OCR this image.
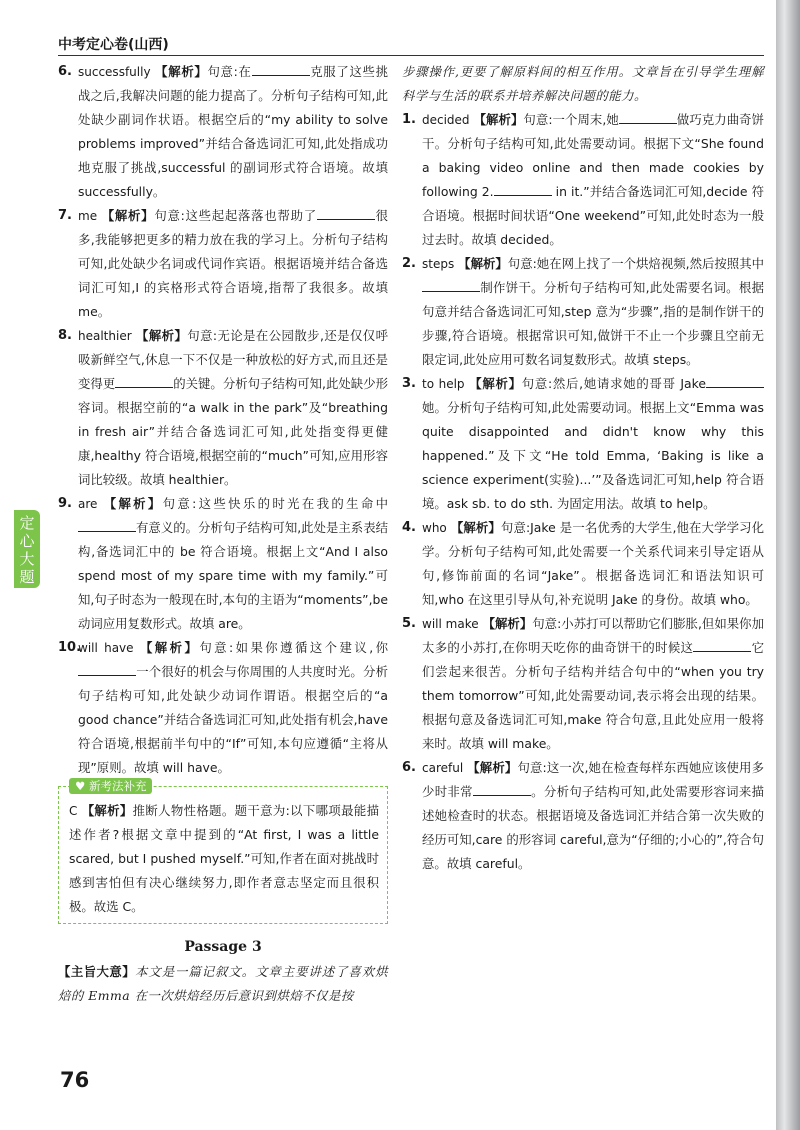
定心大题
中考定心卷(山西)
6. successfully 【解析】句意:在	克服了这些挑战之后,我解决问题的能力提高了。分析句子结构可知,此处缺少副词作状语。根据空后的“my ability to solve problems improved”并结合备选词汇可知,此处指成功地克服了挑战,successful 的副词形式符合语境。故填 successfully。
7. me 【解析】句意:这些起起落落也帮助了	很多,我能够把更多的精力放在我的学习上。分析句子结构可知,此处缺少名词或代词作宾语。根据语境并结合备选词汇可知,I 的宾格形式符合语境,指帮了我很多。故填 me。
8. healthier 【解析】句意:无论是在公园散步,还是仅仅呼吸新鲜空气,休息一下不仅是一种放松的好方式,而且还是变得更	的关键。分析句子结构可知,此处缺少形容词。根据空前的“a walk in the park”及“breathing in fresh air”并结合备选词汇可知,此处指变得更健康,healthy 符合语境,根据空前的“much”可知,应用形容词比较级。故填 healthier。
9. are 【解析】句意:这些快乐的时光在我的生命中有意义的。分析句子结构可知,此处是主系表结构,备选词汇中的 be 符合语境。根据上文“And I also spend most of my spare time with my family.”可知,句子时态为一般现在时,本句的主语为“moments”,be 动词应用复数形式。故填 are。
10.
will have 【解析】句意:如果你遵循这个建议,你一个很好的机会与你周围的人共度时光。分析句子结构可知,此处缺少动词作谓语。根据空后的“a good chance”并结合备选词汇可知,此处指有机会,have 符合语境,根据前半句中的“If”可知,本句应遵循“主将从现”原则。故填 will have。
♥ 新考法补充
C 【解析】推断人物性格题。题干意为:以下哪项最能描述作者?根据文章中提到的“At first, I was a little scared, but I pushed myself.”可知,作者在面对挑战时感到害怕但有决心继续努力,即作者意志坚定而且很积极。故选 C。
Passage 3
【主旨大意】本文是一篇记叙文。文章主要讲述了喜欢烘焙的 Emma 在一次烘焙经历后意识到烘焙不仅是按
步骤操作,更要了解原料间的相互作用。文章旨在引导学生理解科学与生活的联系并培养解决问题的能力。
1. decided 【解析】句意:一个周末,她	做巧克力曲奇饼干。分析句子结构可知,此处需要动词。根据下文“She found a baking video online and then made cookies by following 2.	in it.”并结合备选词汇可知,decide 符合语境。根据时间状语“One weekend”可知,此处时态为一般过去时。故填 decided。
2. steps 【解析】句意:她在网上找了一个烘焙视频,然后按照其中制作饼干。分析句子结构可知,此处需要名词。根据句意并结合备选词汇可知,step 意为“步骤”,指的是制作饼干的步骤,符合语境。根据常识可知,做饼干不止一个步骤且空前无限定词,此处应用可数名词复数形式。故填 steps。
3. to help 【解析】句意:然后,她请求她的哥哥 Jake她。分析句子结构可知,此处需要动词。根据上文“Emma was quite disappointed and didn't know why this happened.”及下文“He told Emma, ‘Baking is like a science experiment(实验)...’”及备选词汇可知,help 符合语境。ask sb. to do sth. 为固定用法。故填 to help。
4. who 【解析】句意:Jake 是一名优秀的大学生,他在大学学习化学。分析句子结构可知,此处需要一个关系代词来引导定语从句,修饰前面的名词“Jake”。根据备选词汇和语法知识可知,who 在这里引导从句,补充说明 Jake 的身份。故填 who。
5. will make 【解析】句意:小苏打可以帮助它们膨胀,但如果你加太多的小苏打,在你明天吃你的曲奇饼干的时候这	它们尝起来很苦。分析句子结构并结合句中的“when you try them tomorrow”可知,此处需要动词,表示将会出现的结果。根据句意及备选词汇可知,make 符合句意,且此处应用一般将来时。故填 will make。
6. careful 【解析】句意:这一次,她在检查每样东西她应该使用多少时非常	。分析句子结构可知,此处需要形容词来描述她检查时的状态。根据语境及备选词汇并结合第一次失败的经历可知,care 的形容词 careful,意为“仔细的;小心的”,符合句意。故填 careful。
76
